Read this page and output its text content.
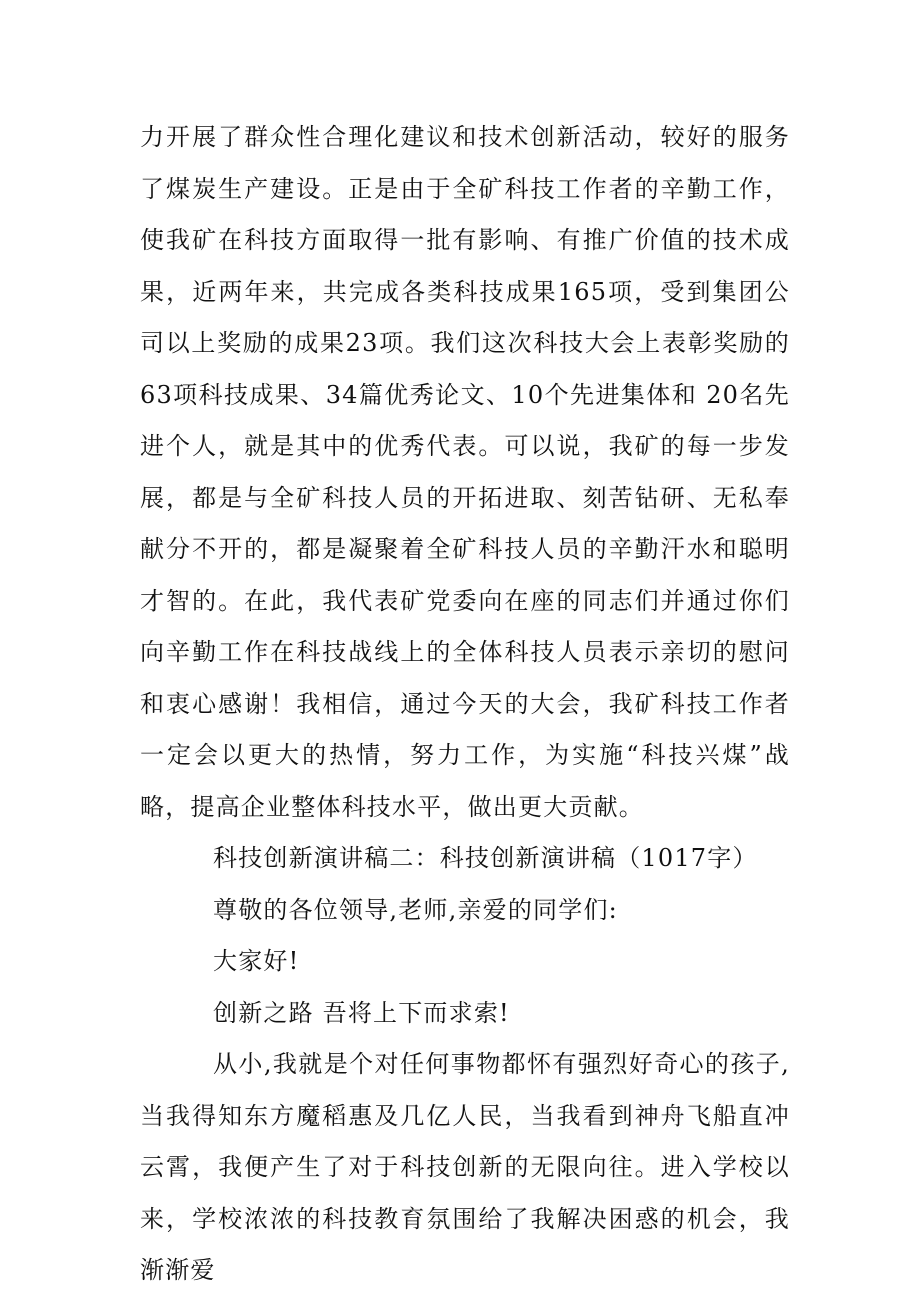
力开展了群众性合理化建议和技术创新活动，较好的服务了煤炭生产建设。正是由于全矿科技工作者的辛勤工作，使我矿在科技方面取得一批有影响、有推广价值的技术成果，近两年来，共完成各类科技成果165项，受到集团公司以上奖励的成果23项。我们这次科技大会上表彰奖励的63项科技成果、34篇优秀论文、10个先进集体和 20名先进个人，就是其中的优秀代表。可以说，我矿的每一步发展，都是与全矿科技人员的开拓进取、刻苦钻研、无私奉献分不开的，都是凝聚着全矿科技人员的辛勤汗水和聪明才智的。在此，我代表矿党委向在座的同志们并通过你们向辛勤工作在科技战线上的全体科技人员表示亲切的慰问和衷心感谢！我相信，通过今天的大会，我矿科技工作者一定会以更大的热情，努力工作，为实施“科技兴煤”战略，提高企业整体科技水平，做出更大贡献。

科技创新演讲稿二：科技创新演讲稿（1017字）

尊敬的各位领导,老师,亲爱的同学们:

大家好!

创新之路 吾将上下而求索!

从小,我就是个对任何事物都怀有强烈好奇心的孩子,当我得知东方魔稻惠及几亿人民，当我看到神舟飞船直冲云霄，我便产生了对于科技创新的无限向往。进入学校以来，学校浓浓的科技教育氛围给了我解决困惑的机会，我渐渐爱
